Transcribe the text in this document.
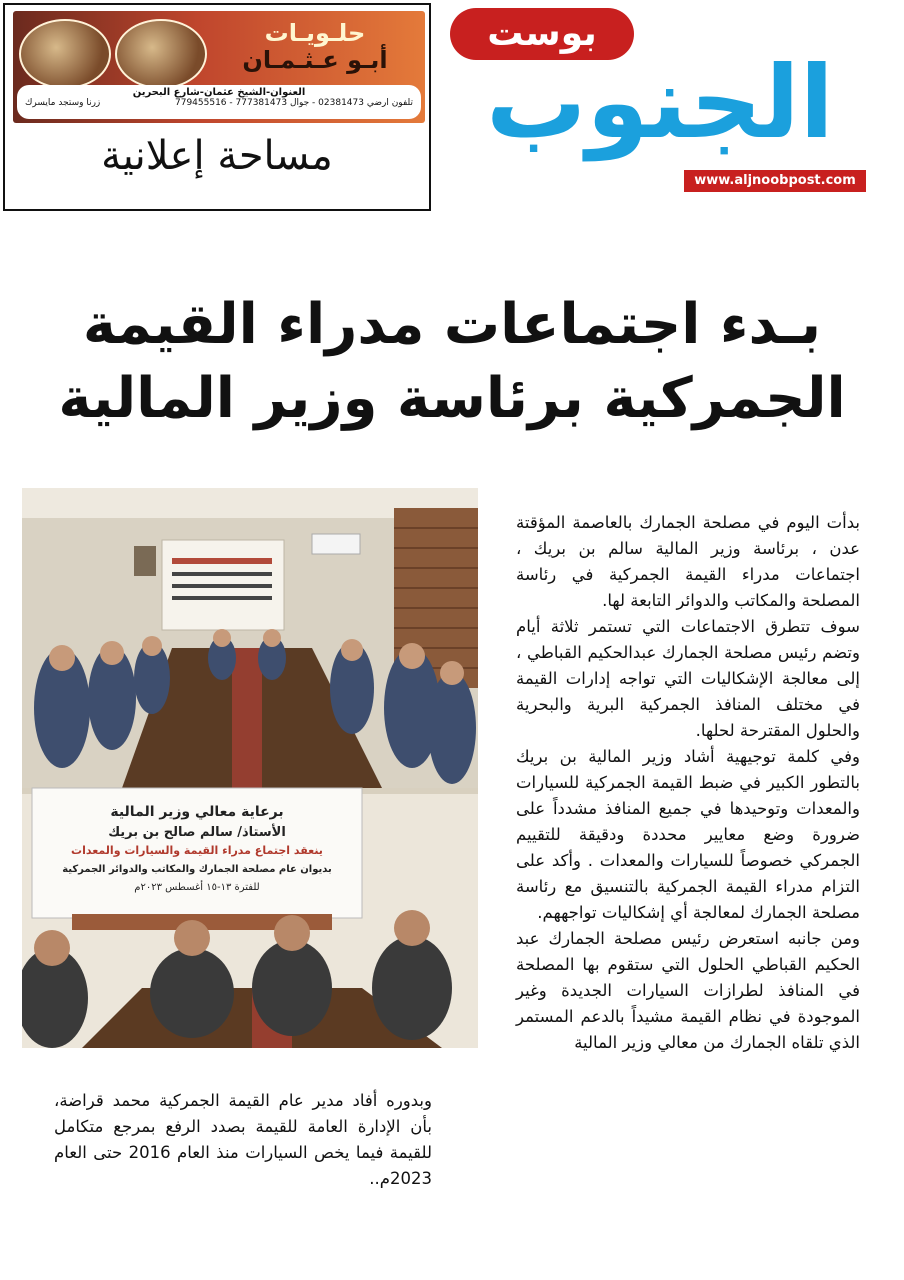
حلـويـات
أبـو عـثـمـان
العنوان-الشيخ عثمان-شارع البحرين
تلفون ارضي 02381473 - جوال 777381473 - 779455516
زرنا وستجد مايسرك
مساحة إعلانية
بوست
الجنوب
www.aljnoobpost.com
بـدء اجتماعات مدراء القيمة
الجمركية برئاسة وزير المالية
برعاية معالي وزير المالية
الأستاذ/ سالم صالح بن بريك
ينعقد اجتماع مدراء القيمة والسيارات والمعدات
بديوان عام مصلحة الجمارك والمكاتب والدوائر الجمركية
للفترة ١٣-١٥ أغسطس ٢٠٢٣م

بدأت اليوم في مصلحة الجمارك بالعاصمة المؤقتة عدن ، برئاسة وزير المالية سالم بن بريك ، اجتماعات مدراء القيمة الجمركية في رئاسة المصلحة والمكاتب والدوائر التابعة لها.

سوف تتطرق الاجتماعات التي تستمر ثلاثة أيام وتضم رئيس مصلحة الجمارك عبدالحكيم القباطي ، إلى معالجة الإشكاليات التي تواجه إدارات القيمة في مختلف المنافذ الجمركية البرية والبحرية والحلول المقترحة لحلها.

وفي كلمة توجيهية أشاد وزير المالية بن بريك بالتطور الكبير في ضبط القيمة الجمركية للسيارات والمعدات وتوحيدها في جميع المنافذ مشدداً على ضرورة وضع معايير محددة ودقيقة للتقييم الجمركي خصوصاً للسيارات والمعدات . وأكد على التزام مدراء القيمة الجمركية بالتنسيق مع رئاسة مصلحة الجمارك لمعالجة أي إشكاليات تواجههم.

ومن جانبه استعرض رئيس مصلحة الجمارك عبد الحكيم القباطي الحلول التي ستقوم بها المصلحة في المنافذ لطرازات السيارات الجديدة وغير الموجودة في نظام القيمة مشيداً بالدعم المستمر الذي تلقاه الجمارك من معالي وزير المالية

وبدوره أفاد مدير عام القيمة الجمركية محمد قراضة، بأن الإدارة العامة للقيمة بصدد الرفع بمرجع متكامل للقيمة فيما يخص السيارات منذ العام 2016 حتى العام 2023م..
